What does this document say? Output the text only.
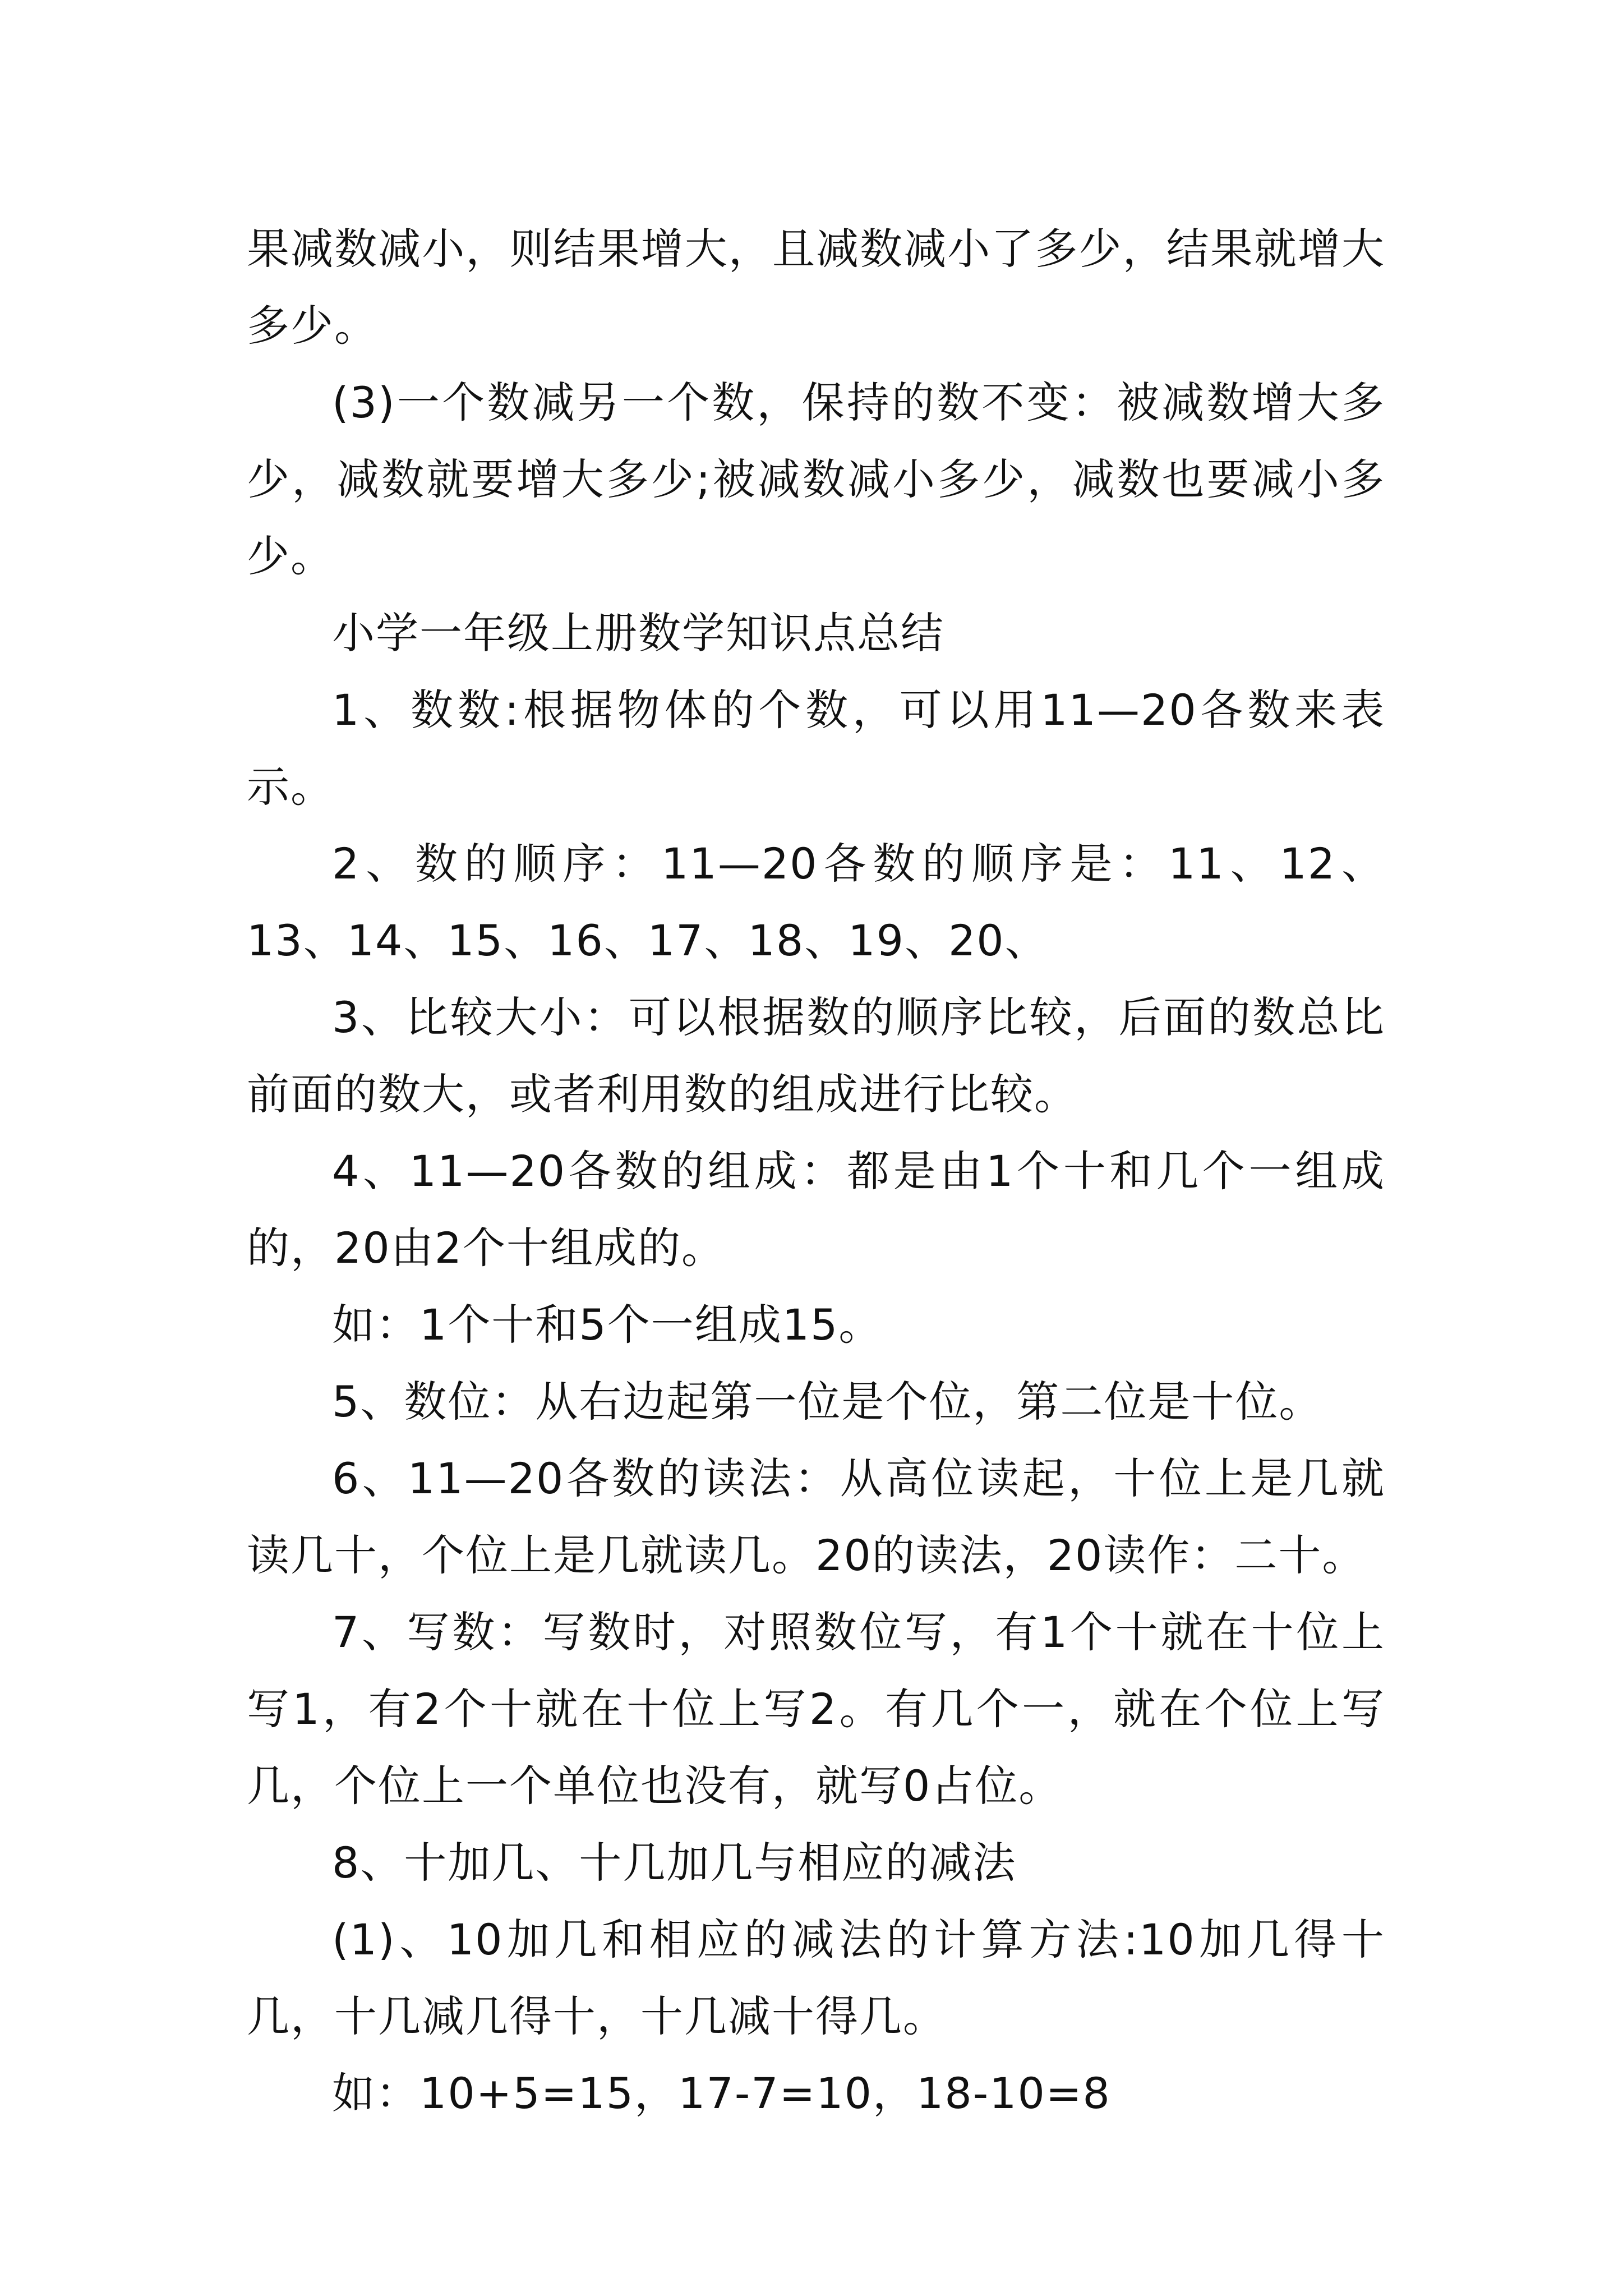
果减数减小，则结果增大，且减数减小了多少，结果就增大多少。

(3)一个数减另一个数，保持的数不变：被减数增大多少，减数就要增大多少;被减数减小多少，减数也要减小多少。

小学一年级上册数学知识点总结

1、数数:根据物体的个数，可以用11—20各数来表示。

2、数的顺序：11—20各数的顺序是：11、12、13、14、15、16、17、18、19、20、

3、比较大小：可以根据数的顺序比较，后面的数总比前面的数大，或者利用数的组成进行比较。

4、11—20各数的组成：都是由1个十和几个一组成的，20由2个十组成的。

如：1个十和5个一组成15。

5、数位：从右边起第一位是个位，第二位是十位。

6、11—20各数的读法：从高位读起，十位上是几就读几十，个位上是几就读几。20的读法，20读作：二十。

7、写数：写数时，对照数位写，有1个十就在十位上写1，有2个十就在十位上写2。有几个一，就在个位上写几，个位上一个单位也没有，就写0占位。

8、十加几、十几加几与相应的减法

(1)、10加几和相应的减法的计算方法:10加几得十几，十几减几得十，十几减十得几。

如：10+5=15，17-7=10，18-10=8
